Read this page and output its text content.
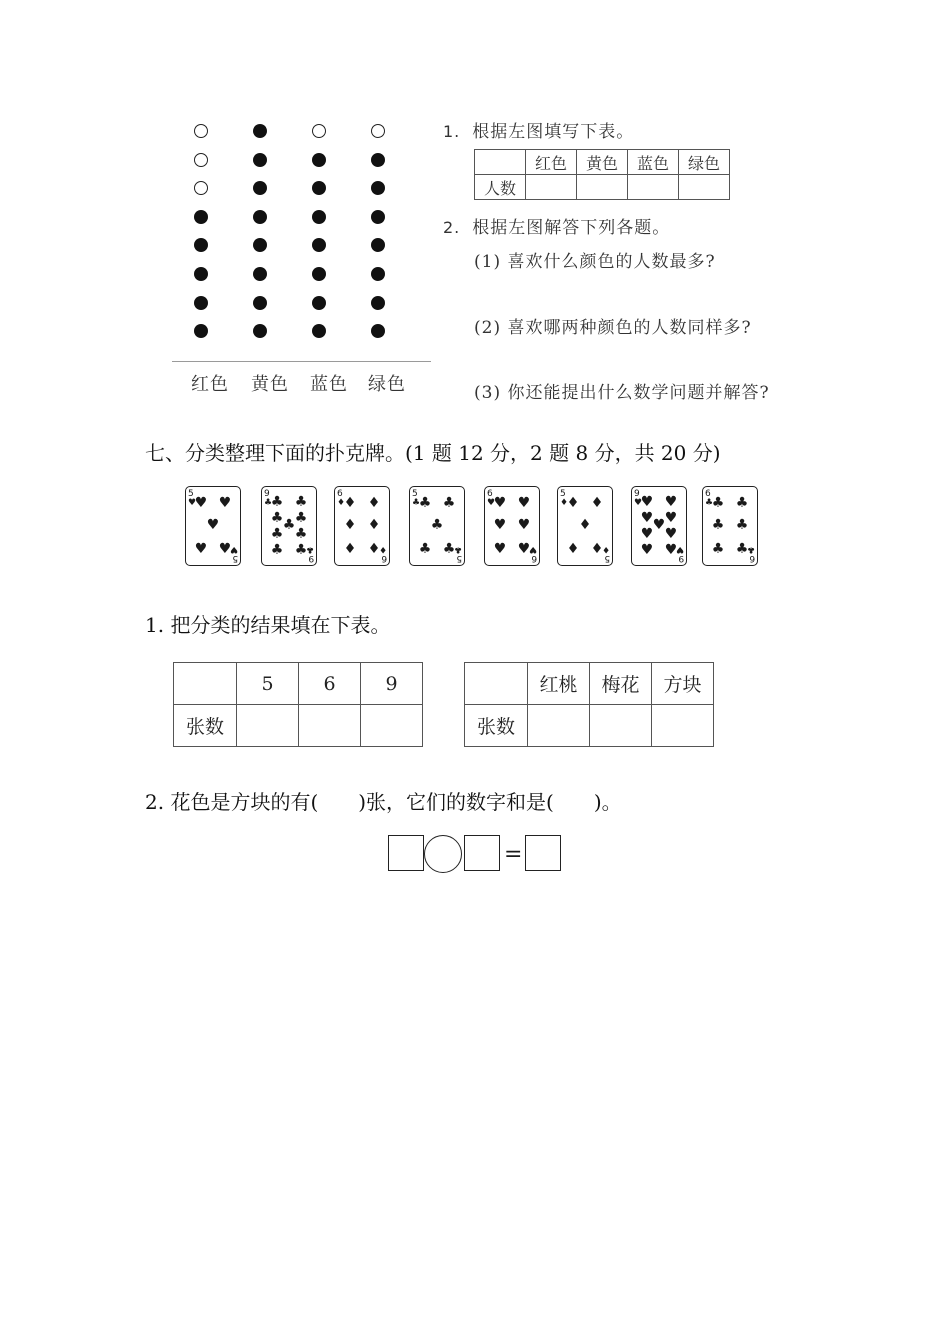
红色 黄色 蓝色 绿色
1. 根据左图填写下表。
	红色	黄色	蓝色	绿色
人数				
2. 根据左图解答下列各题。
(1) 喜欢什么颜色的人数最多?
(2) 喜欢哪两种颜色的人数同样多?
(3) 你还能提出什么数学问题并解答?
七、分类整理下面的扑克牌。(1 题 12 分，2 题 8 分，共 20 分)
5
♥
5
♥
♥ ♥
♥
♥ ♥
9
♣
9
♣
♣ ♣
♣ ♣
♣
♣ ♣
♣ ♣
6
♦
6
♦
♦ ♦
♦ ♦
♦ ♦
5
♣
5
♣
♣ ♣
♣
♣ ♣
6
♥
6
♥
♥ ♥
♥ ♥
♥ ♥
5
♦
5
♦
♦ ♦
♦
♦ ♦
9
♥
9
♥
♥ ♥
♥ ♥
♥
♥ ♥
♥ ♥
6
♣
6
♣
♣ ♣
♣ ♣
♣ ♣
1. 把分类的结果填在下表。
	5	6	9
张数			
	红桃	梅花	方块
张数			
2. 花色是方块的有(　　)张，它们的数字和是(　　)。
=
